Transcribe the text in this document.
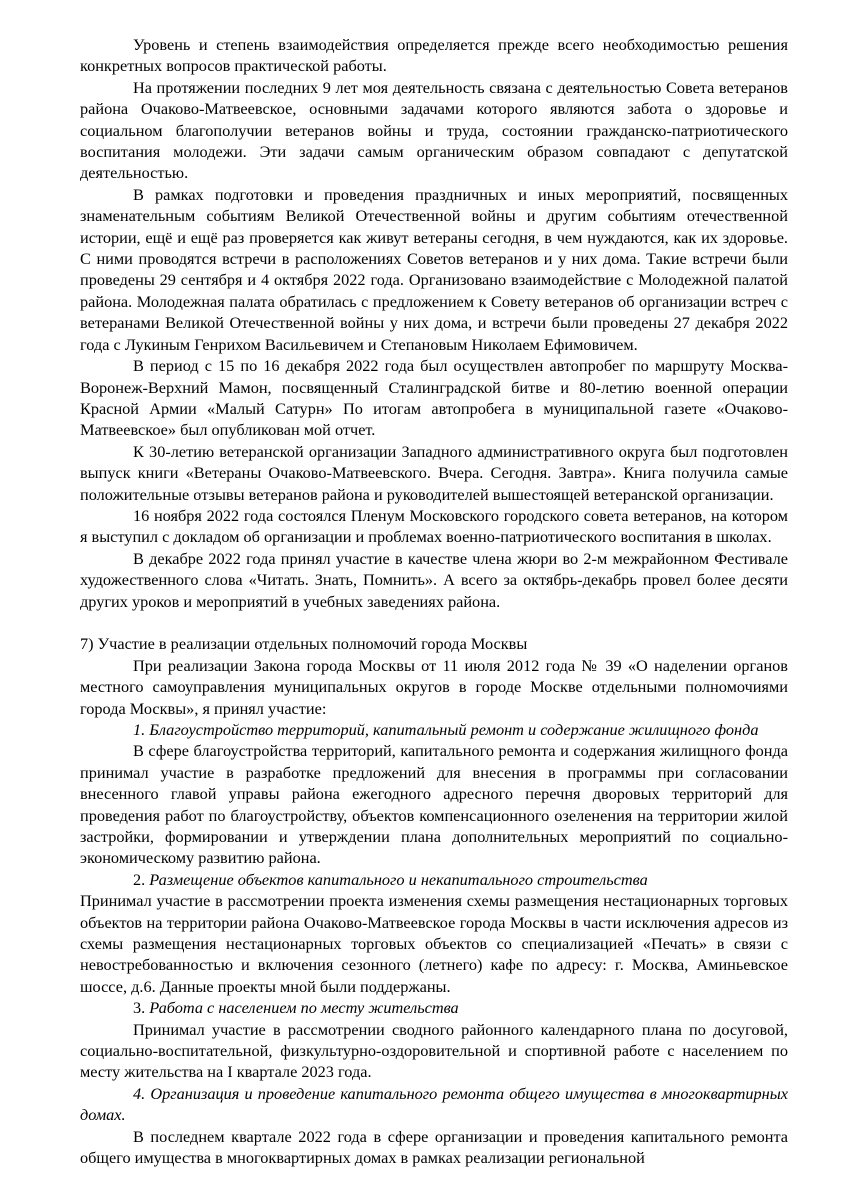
Уровень и степень взаимодействия определяется прежде всего необходимостью решения конкретных вопросов практической работы.

На протяжении последних 9 лет моя деятельность связана с деятельностью Совета ветеранов района Очаково-Матвеевское, основными задачами которого являются забота о здоровье и социальном благополучии ветеранов войны и труда, состоянии гражданско-патриотического воспитания молодежи. Эти задачи самым органическим образом совпадают с депутатской деятельностью.

В рамках подготовки и проведения праздничных и иных мероприятий, посвященных знаменательным событиям Великой Отечественной войны и другим событиям отечественной истории, ещё и ещё раз проверяется как живут ветераны сегодня, в чем нуждаются, как их здоровье. С ними проводятся встречи в расположениях Советов ветеранов и у них дома. Такие встречи были проведены 29 сентября и 4 октября 2022 года. Организовано взаимодействие с Молодежной палатой района. Молодежная палата обратилась с предложением к Совету ветеранов об организации встреч с ветеранами Великой Отечественной войны у них дома, и встречи были проведены 27 декабря 2022 года с Лукиным Генрихом Васильевичем и Степановым Николаем Ефимовичем.

В период с 15 по 16 декабря 2022 года был осуществлен автопробег по маршруту Москва-Воронеж-Верхний Мамон, посвященный Сталинградской битве и 80-летию военной операции Красной Армии «Малый Сатурн» По итогам автопробега в муниципальной газете «Очаково-Матвеевское» был опубликован мой отчет.

К 30-летию ветеранской организации Западного административного округа был подготовлен выпуск книги «Ветераны Очаково-Матвеевского. Вчера. Сегодня. Завтра». Книга получила самые положительные отзывы ветеранов района и руководителей вышестоящей ветеранской организации.

16 ноября 2022 года состоялся Пленум Московского городского совета ветеранов, на котором я выступил с докладом об организации и проблемах военно-патриотического воспитания в школах.

В декабре 2022 года принял участие в качестве члена жюри во 2-м межрайонном Фестивале художественного слова «Читать. Знать, Помнить». А всего за октябрь-декабрь провел более десяти других уроков и мероприятий в учебных заведениях района.

7) Участие в реализации отдельных полномочий города Москвы

При реализации Закона города Москвы от 11 июля 2012 года № 39 «О наделении органов местного самоуправления муниципальных округов в городе Москве отдельными полномочиями города Москвы», я принял участие:

1. Благоустройство территорий, капитальный ремонт и содержание жилищного фонда

В сфере благоустройства территорий, капитального ремонта и содержания жилищного фонда принимал участие в разработке предложений для внесения в программы при согласовании внесенного главой управы района ежегодного адресного перечня дворовых территорий для проведения работ по благоустройству, объектов компенсационного озеленения на территории жилой застройки, формировании и утверждении плана дополнительных мероприятий по социально-экономическому развитию района.

2. Размещение объектов капитального и некапитального строительства

Принимал участие в рассмотрении проекта изменения схемы размещения нестационарных торговых объектов на территории района Очаково-Матвеевское города Москвы в части исключения адресов из схемы размещения нестационарных торговых объектов со специализацией «Печать» в связи с невостребованностью и включения сезонного (летнего) кафе по адресу: г. Москва, Аминьевское шоссе, д.6. Данные проекты мной были поддержаны.

3. Работа с населением по месту жительства

Принимал участие в рассмотрении сводного районного календарного плана по досуговой, социально-воспитательной, физкультурно-оздоровительной и спортивной работе с населением по месту жительства на I квартале 2023 года.

4. Организация и проведение капитального ремонта общего имущества в многоквартирных домах.

В последнем квартале 2022 года в сфере организации и проведения капитального ремонта общего имущества в многоквартирных домах в рамках реализации региональной
